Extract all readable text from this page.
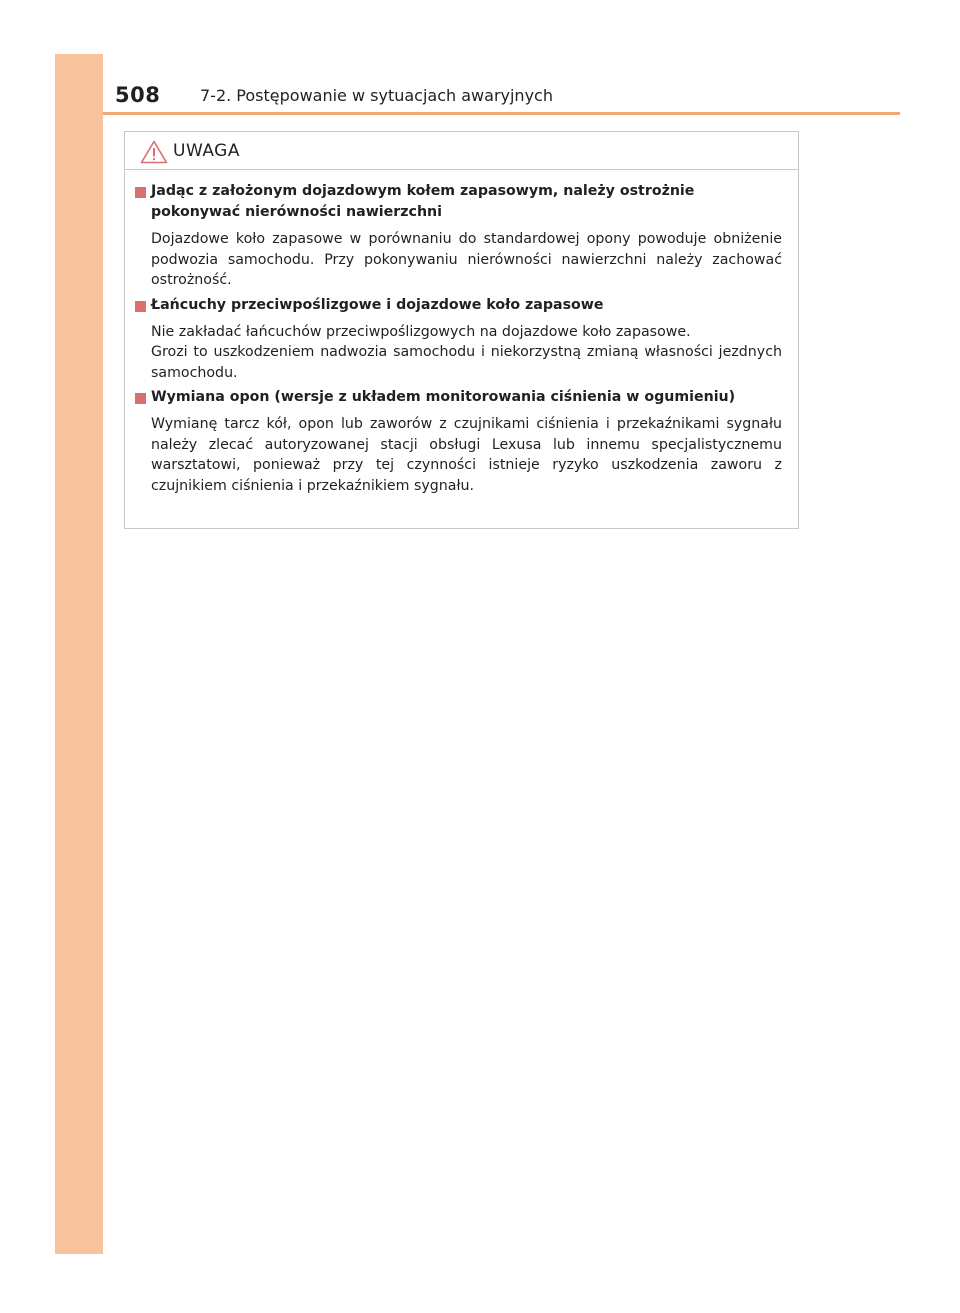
508 7-2. Postępowanie w sytuacjach awaryjnych
UWAGA
Jadąc z założonym dojazdowym kołem zapasowym, należy ostrożnie pokonywać nierówności nawierzchni
Dojazdowe koło zapasowe w porównaniu do standardowej opony powoduje obniżenie podwozia samochodu. Przy pokonywaniu nierówności nawierzchni należy zachować ostrożność.
Łańcuchy przeciwpoślizgowe i dojazdowe koło zapasowe
Nie zakładać łańcuchów przeciwpoślizgowych na dojazdowe koło zapasowe.
Grozi to uszkodzeniem nadwozia samochodu i niekorzystną zmianą własności jezdnych samochodu.
Wymiana opon (wersje z układem monitorowania ciśnienia w ogumieniu)
Wymianę tarcz kół, opon lub zaworów z czujnikami ciśnienia i przekaźnikami sygnału należy zlecać autoryzowanej stacji obsługi Lexusa lub innemu specjalistycznemu warsztatowi, ponieważ przy tej czynności istnieje ryzyko uszkodzenia zaworu z czujnikiem ciśnienia i przekaźnikiem sygnału.
